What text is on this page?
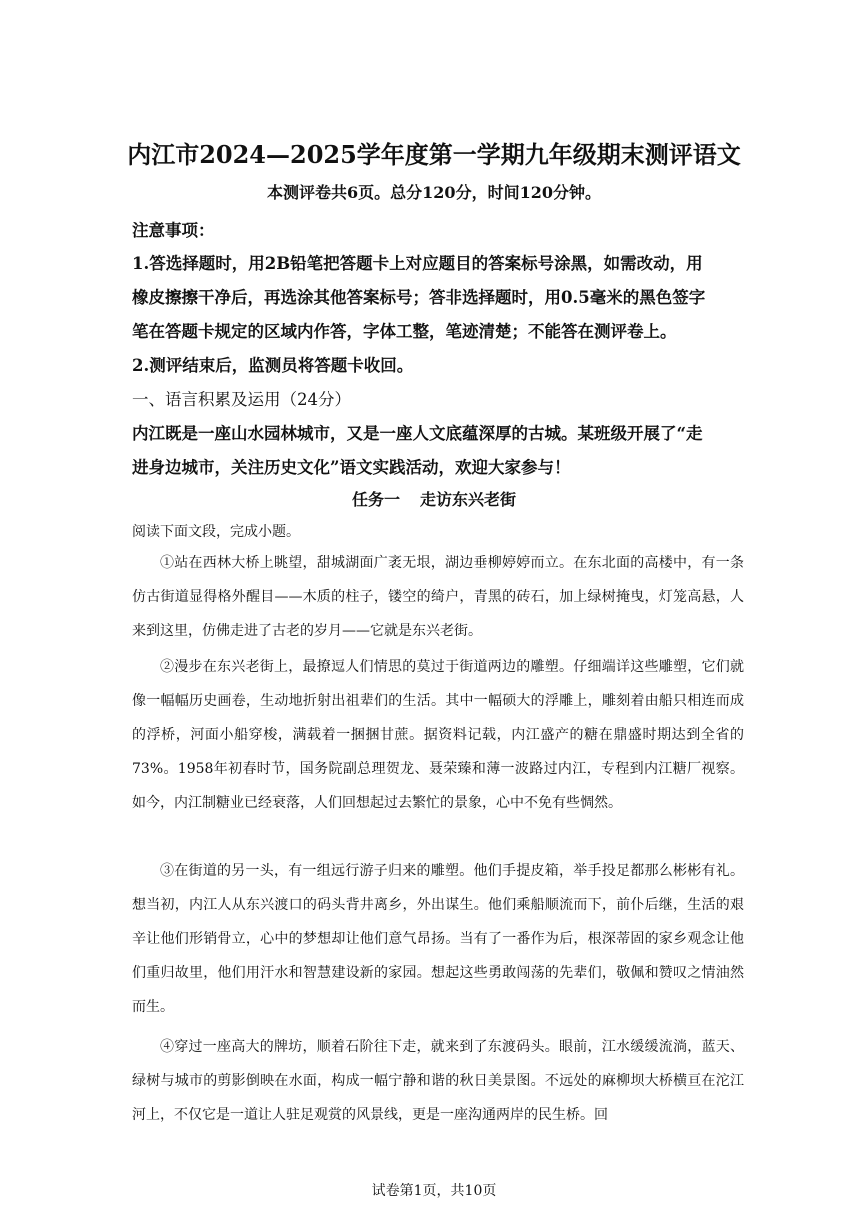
内江市2024—2025学年度第一学期九年级期末测评语文
本测评卷共6页。总分120分，时间120分钟。
注意事项：
1.答选择题时，用2B铅笔把答题卡上对应题目的答案标号涂黑，如需改动，用
橡皮擦擦干净后，再选涂其他答案标号；答非选择题时，用0.5毫米的黑色签字
笔在答题卡规定的区域内作答，字体工整，笔迹清楚；不能答在测评卷上。
2.测评结束后，监测员将答题卡收回。
一、语言积累及运用（24分）
内江既是一座山水园林城市，又是一座人文底蕴深厚的古城。某班级开展了“走
进身边城市，关注历史文化”语文实践活动，欢迎大家参与！
任务一 走访东兴老街
阅读下面文段，完成小题。
①站在西林大桥上眺望，甜城湖面广袤无垠，湖边垂柳婷婷而立。在东北面的高楼中，有一条仿古街道显得格外醒目——木质的柱子，镂空的绮户，青黑的砖石，加上绿树掩曳，灯笼高悬，人来到这里，仿佛走进了古老的岁月——它就是东兴老街。
②漫步在东兴老街上，最撩逗人们情思的莫过于街道两边的雕塑。仔细端详这些雕塑，它们就像一幅幅历史画卷，生动地折射出祖辈们的生活。其中一幅硕大的浮雕上，雕刻着由船只相连而成的浮桥，河面小船穿梭，满载着一捆捆甘蔗。据资料记载，内江盛产的糖在鼎盛时期达到全省的73%。1958年初春时节，国务院副总理贺龙、聂荣臻和薄一波路过内江，专程到内江糖厂视察。如今，内江制糖业已经衰落，人们回想起过去繁忙的景象，心中不免有些惆然。
③在街道的另一头，有一组远行游子归来的雕塑。他们手提皮箱，举手投足都那么彬彬有礼。想当初，内江人从东兴渡口的码头背井离乡，外出谋生。他们乘船顺流而下，前仆后继，生活的艰辛让他们形销骨立，心中的梦想却让他们意气昂扬。当有了一番作为后，根深蒂固的家乡观念让他们重归故里，他们用汗水和智慧建设新的家园。想起这些勇敢闯荡的先辈们，敬佩和赞叹之情油然而生。
④穿过一座高大的牌坊，顺着石阶往下走，就来到了东渡码头。眼前，江水缓缓流淌，蓝天、绿树与城市的剪影倒映在水面，构成一幅宁静和谐的秋日美景图。不远处的麻柳坝大桥横亘在沱江河上，不仅它是一道让人驻足观赏的风景线，更是一座沟通两岸的民生桥。回
试卷第1页，共10页
